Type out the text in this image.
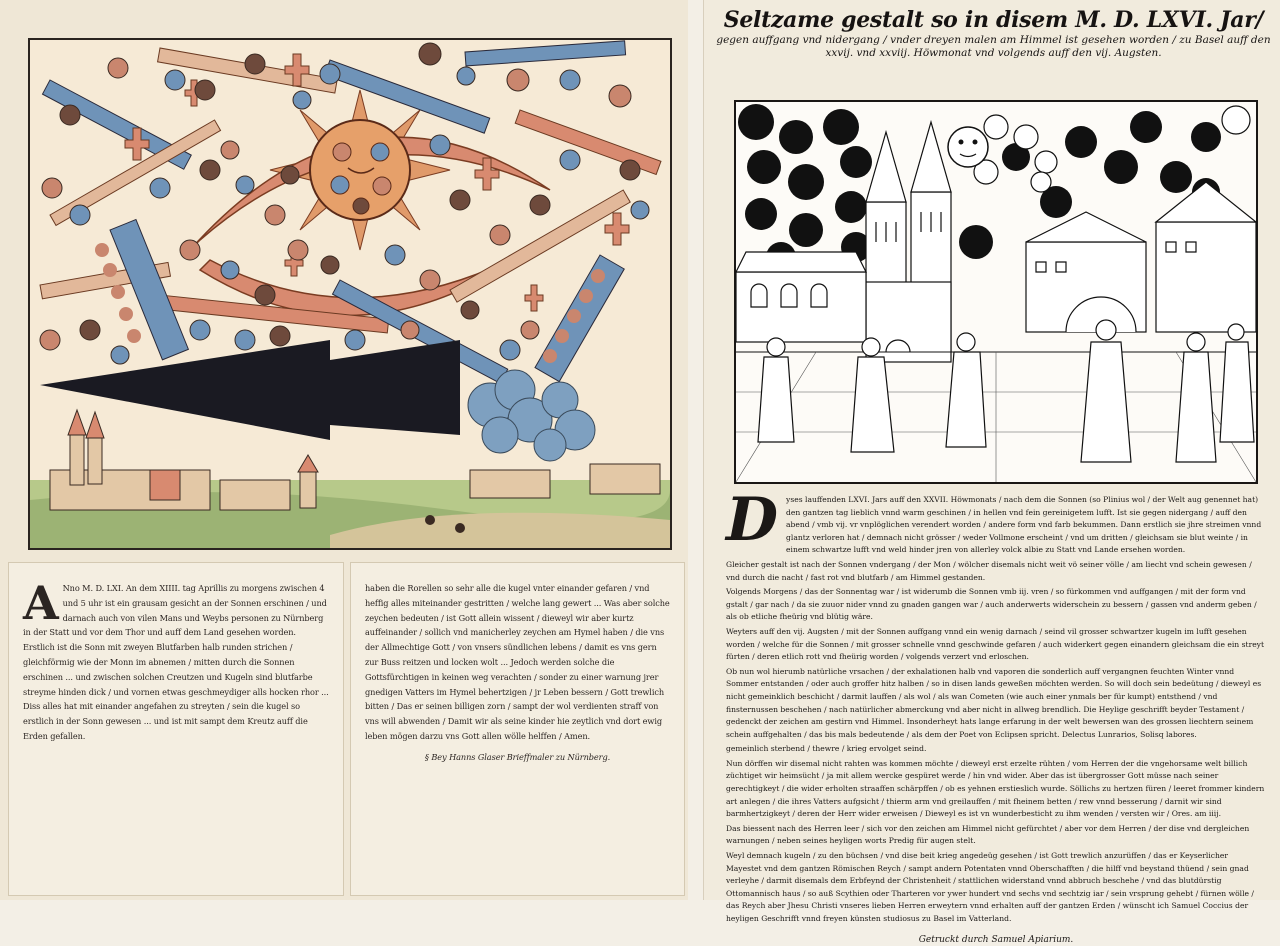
A Nno M. D. LXI. An dem XIIII. tag Aprillis zu morgens zwischen 4 und 5 uhr ist ein grausam gesicht an der Sonnen erschinen / und darnach auch von vilen Mans und Weybs personen zu Nürnberg in der Statt und vor dem Thor und auff dem Land gesehen worden. Erstlich ist die Sonn mit zweyen Blutfarben halb runden strichen / gleichförmig wie der Monn im abnemen / mitten durch die Sonnen erschinen ... und zwischen solchen Creutzen und Kugeln sind blutfarbe streyme hinden dick / und vornen etwas geschmeydiger alls hocken rhor ... Diss alles hat mit einander angefahen zu streyten / sein die kugel so erstlich in der Sonn gewesen ... und ist mit sampt dem Kreutz auff die Erden gefallen.
haben die Rorellen so sehr alle die kugel vnter einander gefaren / vnd heffig alles miteinander gestritten / welche lang gewert ... Was aber solche zeychen bedeuten / ist Gott allein wissent / dieweyl wir aber kurtz auffeinander / sollich vnd manicherley zeychen am Hymel haben / die vns der Allmechtige Gott / von vnsers sündlichen lebens / damit es vns gern zur Buss reitzen und locken wolt ... Jedoch werden solche die Gottsfürchtigen in keinen weg verachten / sonder zu einer warnung jrer gnedigen Vatters im Hymel behertzigen / jr Leben bessern / Gott trewlich bitten / Das er seinen billigen zorn / sampt der wol verdienten straff von vns will abwenden / Damit wir als seine kinder hie zeytlich vnd dort ewig leben mögen darzu vns Gott allen wölle helffen / Amen.
§ Bey Hanns Glaser Brieffmaler zu Nürnberg.
Seltzame gestalt so in disem M. D. LXVI. Jar/
gegen auffgang vnd nidergang / vnder dreyen malen am Himmel ist gesehen worden / zu Basel auff den xxvij. vnd xxviij. Höwmonat vnd volgends auff den vij. Augsten.
D	yses lauffenden LXVI. Jars auff den XXVII. Höwmonats / nach dem die Sonnen (so Plinius wol / der Welt aug genennet hat) den gantzen tag lieblich vnnd warm geschinen / in hellen vnd fein gereinigetem lufft. Ist sie gegen nidergang / auff den abend / vmb vij. vr vnplöglichen verendert worden / andere form vnd farb bekummen. Dann erstlich sie jhre streimen vnnd glantz verloren hat / demnach nicht grösser / weder Vollmone erscheint / vnd um dritten / gleichsam sie blut weinte / in einem schwartze lufft vnd weld hinder jren von allerley volck albie zu Statt vnd Lande ersehen worden.

Gleicher gestalt ist nach der Sonnen vndergang / der Mon / wölcher disemals nicht weit vö seiner völle / am liecht vnd schein gewesen / vnd durch die nacht / fast rot vnd blutfarb / am Himmel gestanden.

Volgends Morgens / das der Sonnentag war / ist widerumb die Sonnen vmb iij. vren / so fürkommen vnd auffgangen / mit der form vnd gstalt / gar nach / da sie zuuor nider vnnd zu gnaden gangen war / auch anderwerts widerschein zu bessern / gassen vnd anderm geben / als ob etliche fheürig vnd blütig wäre.

Weyters auff den vij. Augsten / mit der Sonnen auffgang vnnd ein wenig darnach / seind vil grosser schwartzer kugeln im lufft gesehen worden / welche für die Sonnen / mit grosser schnelle vnnd geschwinde gefaren / auch widerkert gegen einandern gleichsam die ein streyt fürten / deren etlich rott vnd fheürig worden / volgends verzert vnd erloschen.

Ob nun wol hierumb natürliche vrsachen / der exhalationen halb vnd vaporen die sonderlich auff vergangnen feuchten Winter vnnd Sommer entstanden / oder auch groffer hitz halben / so in disen lands geweßen möchten werden. So will doch sein bedeütung / dieweyl es nicht gemeinklich beschicht / darmit lauffen / als wol / als wan Cometen (wie auch einer ynmals ber für kumpt) entsthend / vnd finsternussen beschehen / nach natürlicher abmerckung vnd aber nicht in allweg brendlich. Die Heylige geschrifft beyder Testament / gedenckt der zeichen am gestirn vnd Himmel. Insonderheyt hats lange erfarung in der welt bewersen wan des grossen liechtern seinem schein auffgehalten / das bis mals bedeutende / als dem der Poet von Eclipsen spricht. Delectus Lunrarios, Solisq labores.

gemeinlich sterbend / thewre / krieg ervolget seind.

Nun dörffen wir disemal nicht rahten was kommen möchte / dieweyl erst erzelte rühten / vom Herren der die vngehorsame welt billich züchtiget wir heimsücht / ja mit allem wercke gespüret werde / hin vnd wider. Aber das ist übergrosser Gott müsse nach seiner gerechtigkeyt / die wider erholten straaffen schärpffen / ob es yehnen erstieslich wurde. Söllichs zu hertzen füren / leeret frommer kindern art anlegen / die ihres Vatters aufgsicht / thierm arm vnd greilauffen / mit fheinem betten / rew vnnd besserung / darnit wir sind barmhertzigkeyt / deren der Herr wider erweisen / Dieweyl es ist vn wunderbesticht zu ihm wenden / versten wir / Ores. am iiij.

Das biessent nach des Herren leer / sich vor den zeichen am Himmel nicht gefürchtet / aber vor dem Herren / der dise vnd dergleichen warnungen / neben seines heyligen worts Predig für augen stelt.

Weyl demnach kugeln / zu den büchsen / vnd dise beit krieg angedeüg gesehen / ist Gott trewlich anzurüffen / das er Keyserlicher Mayestet vnd dem gantzen Römischen Reych / sampt andern Potentaten vnnd Oberschafften / die hilff vnd beystand thüend / sein gnad verleyhe / darmit disemals dem Erbfeynd der Christenheit / stattlichen widerstand vnnd abbruch beschehe / vnd das blutdürstig Ottomannisch haus / so auß Scythien oder Tharteren vor ywer hundert vnd sechs vnd sechtzig iar / sein vrsprung gehebt / fürnen wölle / das Reych aber Jhesu Christi vnseres lieben Herren erweytern vnnd erhalten auff der gantzen Erden / wünscht ich Samuel Coccius der heyligen Geschrifft vnnd freyen künsten studiosus zu Basel im Vatterland.

Getruckt durch Samuel Apiarium.
